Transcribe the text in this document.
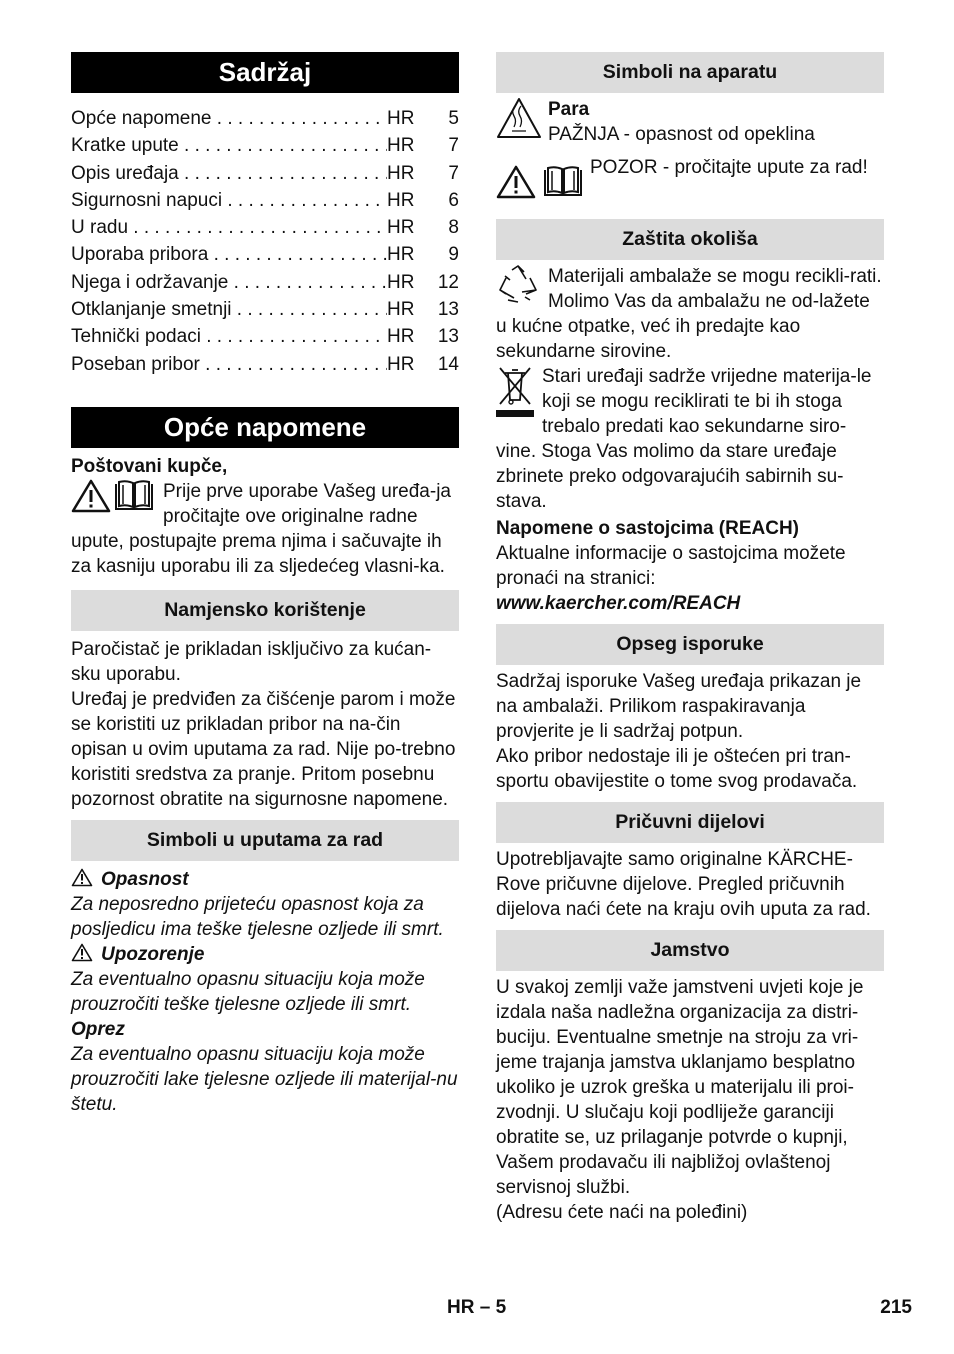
Sadržaj
Opće napomene . . .	HR	5
Kratke upute . . .	HR	7
Opis uređaja . . .	HR	7
Sigurnosni napuci . . .	HR	6
U radu . . .	HR	8
Uporaba pribora . . .	HR	9
Njega i održavanje . . .	HR	12
Otklanjanje smetnji . . .	HR	13
Tehnički podaci . . .	HR	13
Poseban pribor . . .	HR	14
Opće napomene

Poštovani kupče,

Prije prve uporabe Vašeg uređa-ja pročitajte ove originalne radne upute, postupajte prema njima i sačuvajte ih za kasniju uporabu ili za sljedećeg vlasni-ka.

Namjensko korištenje

Paročistač je prikladan isključivo za kućan-sku uporabu.

Uređaj je predviđen za čišćenje parom i može se koristiti uz prikladan pribor na na-čin opisan u ovim uputama za rad. Nije po-trebno koristiti sredstva za pranje. Pritom posebnu pozornost obratite na sigurnosne napomene.

Simboli u uputama za rad

Opasnost

Za neposredno prijeteću opasnost koja za posljedicu ima teške tjelesne ozljede ili smrt.

Upozorenje

Za eventualno opasnu situaciju koja može prouzročiti teške tjelesne ozljede ili smrt.

Oprez

Za eventualno opasnu situaciju koja može prouzročiti lake tjelesne ozljede ili materijal-nu štetu.

Simboli na aparatu

Para

PAŽNJA - opasnost od opeklina

POZOR - pročitajte upute za rad!

Zaštita okoliša

Materijali ambalaže se mogu recikli-rati. Molimo Vas da ambalažu ne od-lažete u kućne otpatke, već ih predajte kao sekundarne sirovine.

Stari uređaji sadrže vrijedne materija-le koji se mogu reciklirati te bi ih stoga trebalo predati kao sekundarne siro-vine. Stoga Vas molimo da stare uređaje zbrinete preko odgovarajućih sabirnih su-stava.

Napomene o sastojcima (REACH)

Aktualne informacije o sastojcima možete pronaći na stranici:

www.kaercher.com/REACH

Opseg isporuke

Sadržaj isporuke Vašeg uređaja prikazan je na ambalaži. Prilikom raspakiravanja provjerite je li sadržaj potpun.

Ako pribor nedostaje ili je oštećen pri tran-sportu obavijestite o tome svog prodavača.

Pričuvni dijelovi

Upotrebljavajte samo originalne KÄRCHE-Rove pričuvne dijelove. Pregled pričuvnih dijelova naći ćete na kraju ovih uputa za rad.

Jamstvo

U svakoj zemlji važe jamstveni uvjeti koje je izdala naša nadležna organizacija za distri-buciju. Eventualne smetnje na stroju za vri-jeme trajanja jamstva uklanjamo besplatno ukoliko je uzrok greška u materijalu ili proi-zvodnji. U slučaju koji podliježe garanciji obratite se, uz prilaganje potvrde o kupnji, Vašem prodavaču ili najbližoj ovlaštenoj servisnoj službi.

(Adresu ćete naći na poleđini)

HR – 5	215
